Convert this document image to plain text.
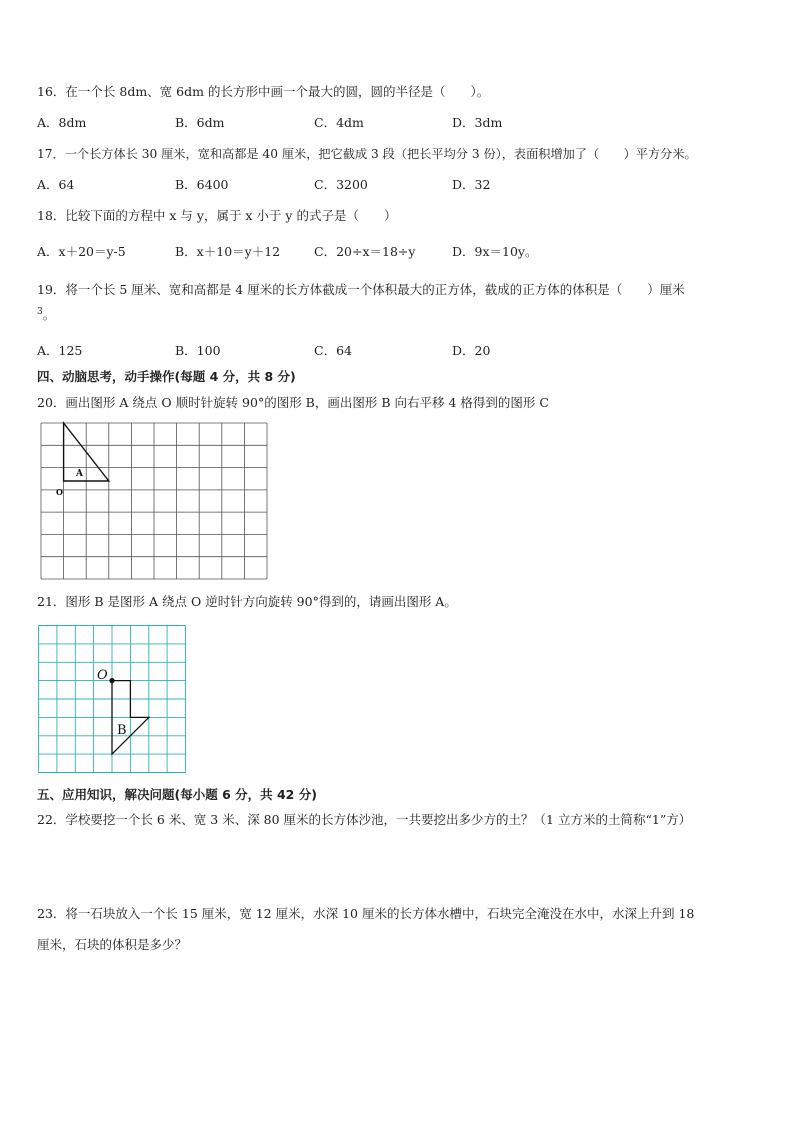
16．在一个长 8dm、宽 6dm 的长方形中画一个最大的圆，圆的半径是（　　）。
A．8dm	B．6dm	C．4dm	D．3dm
17．一个长方体长 30 厘米，宽和高都是 40 厘米，把它截成 3 段（把长平均分 3 份），表面积增加了（　　）平方分米。
A．64	B．6400	C．3200	D．32
18．比较下面的方程中 x 与 y，属于 x 小于 y 的式子是（　　）
A．x＋20＝y-5	B．x＋10＝y＋12	C．20÷x＝18÷y	D．9x＝10y。
19．将一个长 5 厘米、宽和高都是 4 厘米的长方体截成一个体积最大的正方体，截成的正方体的体积是（　　）厘米
$^3$。
A．125	B．100	C．64	D．20
四、动脑思考，动手操作(每题 4 分，共 8 分)
20．画出图形 A 绕点 O 顺时针旋转 90°的图形 B，画出图形 B 向右平移 4 格得到的图形 C
A
O
21．图形 B 是图形 A 绕点 O 逆时针方向旋转 90°得到的，请画出图形 A。
O
B
五、应用知识，解决问题(每小题 6 分，共 42 分)
22．学校要挖一个长 6 米、宽 3 米、深 80 厘米的长方体沙池，一共要挖出多少方的土？（1 立方米的土简称“1”方）
23．将一石块放入一个长 15 厘米，宽 12 厘米，水深 10 厘米的长方体水槽中，石块完全淹没在水中，水深上升到 18
厘米，石块的体积是多少？
